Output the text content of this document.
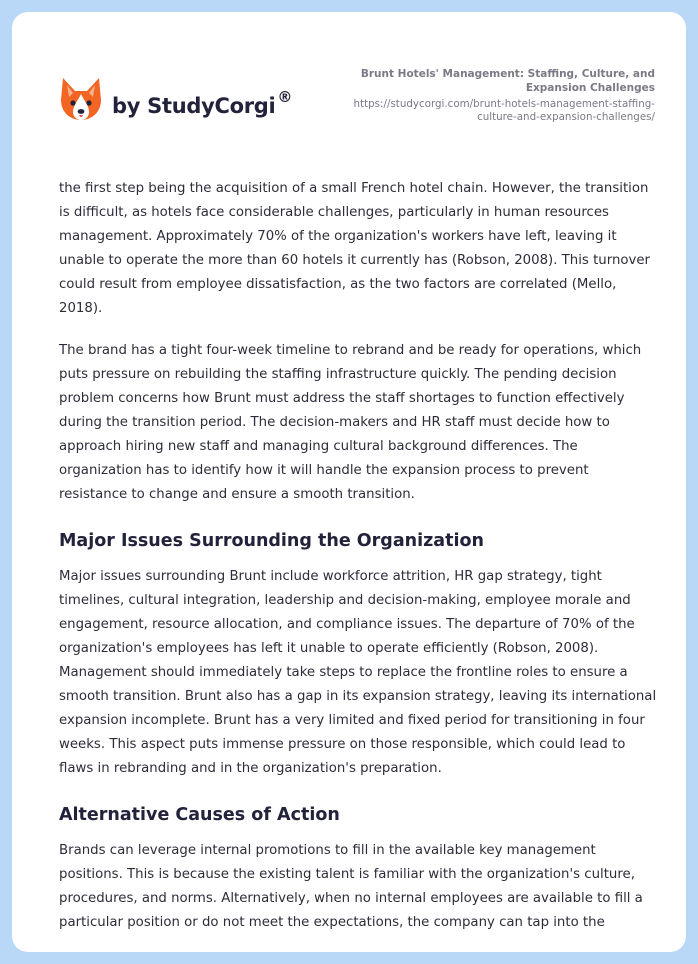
by StudyCorgi ®
Brunt Hotels' Management: Staffing, Culture, and Expansion Challenges
https://studycorgi.com/brunt-hotels-management-staffing-culture-and-expansion-challenges/

the first step being the acquisition of a small French hotel chain. However, the transition is difficult, as hotels face considerable challenges, particularly in human resources management. Approximately 70% of the organization's workers have left, leaving it unable to operate the more than 60 hotels it currently has (Robson, 2008). This turnover could result from employee dissatisfaction, as the two factors are correlated (Mello, 2018).

The brand has a tight four-week timeline to rebrand and be ready for operations, which puts pressure on rebuilding the staffing infrastructure quickly. The pending decision problem concerns how Brunt must address the staff shortages to function effectively during the transition period. The decision-makers and HR staff must decide how to approach hiring new staff and managing cultural background differences. The organization has to identify how it will handle the expansion process to prevent resistance to change and ensure a smooth transition.

Major Issues Surrounding the Organization

Major issues surrounding Brunt include workforce attrition, HR gap strategy, tight timelines, cultural integration, leadership and decision-making, employee morale and engagement, resource allocation, and compliance issues. The departure of 70% of the organization's employees has left it unable to operate efficiently (Robson, 2008). Management should immediately take steps to replace the frontline roles to ensure a smooth transition. Brunt also has a gap in its expansion strategy, leaving its international expansion incomplete. Brunt has a very limited and fixed period for transitioning in four weeks. This aspect puts immense pressure on those responsible, which could lead to flaws in rebranding and in the organization's preparation.

Alternative Causes of Action

Brands can leverage internal promotions to fill in the available key management positions. This is because the existing talent is familiar with the organization's culture, procedures, and norms. Alternatively, when no internal employees are available to fill a particular position or do not meet the expectations, the company can tap into the
